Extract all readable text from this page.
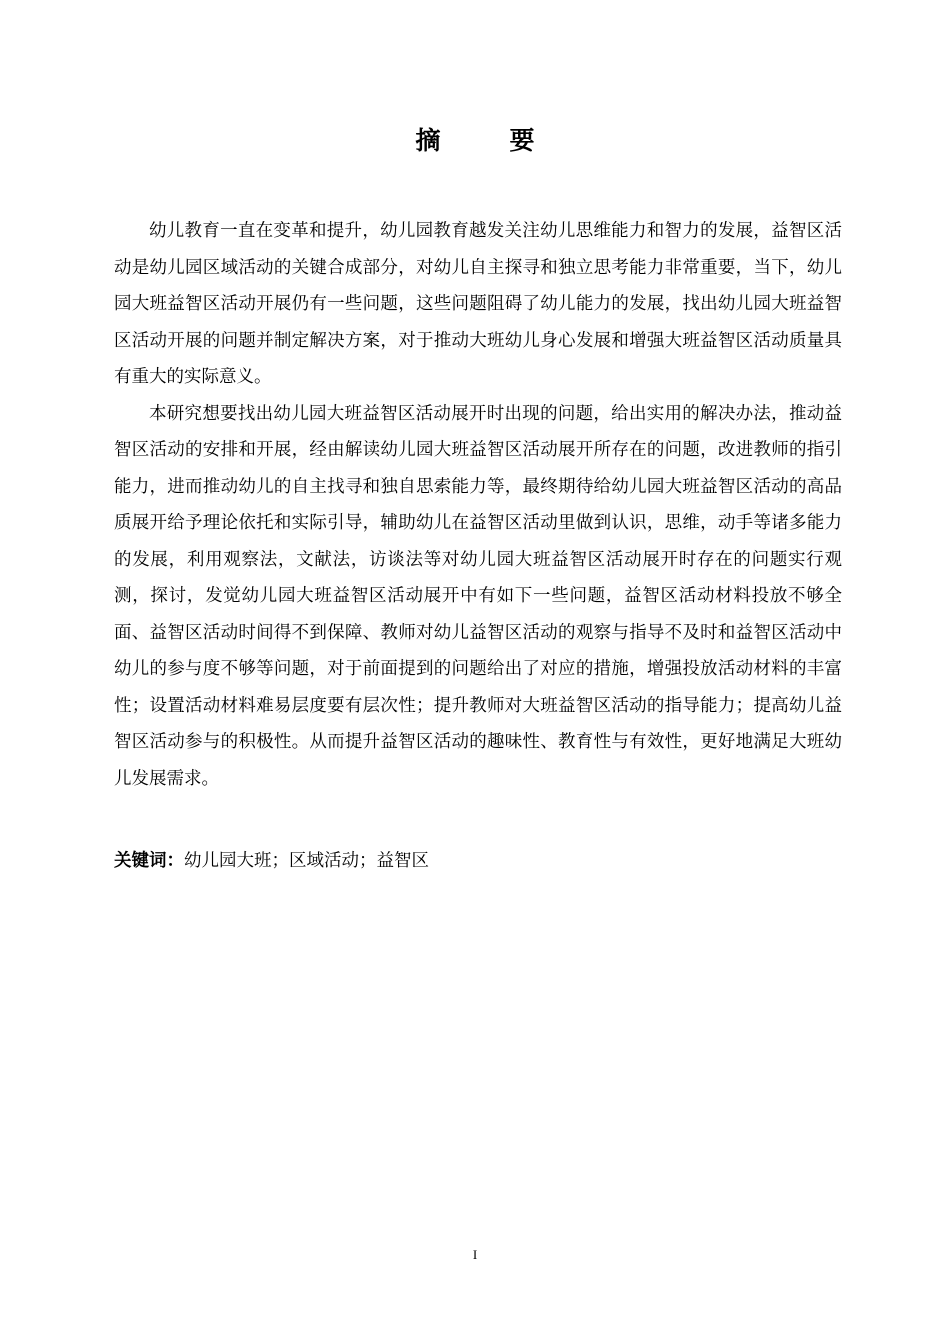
摘　要

幼儿教育一直在变革和提升，幼儿园教育越发关注幼儿思维能力和智力的发展，益智区活动是幼儿园区域活动的关键合成部分，对幼儿自主探寻和独立思考能力非常重要，当下，幼儿园大班益智区活动开展仍有一些问题，这些问题阻碍了幼儿能力的发展，找出幼儿园大班益智区活动开展的问题并制定解决方案，对于推动大班幼儿身心发展和增强大班益智区活动质量具有重大的实际意义。

本研究想要找出幼儿园大班益智区活动展开时出现的问题，给出实用的解决办法，推动益智区活动的安排和开展，经由解读幼儿园大班益智区活动展开所存在的问题，改进教师的指引能力，进而推动幼儿的自主找寻和独自思索能力等，最终期待给幼儿园大班益智区活动的高品质展开给予理论依托和实际引导，辅助幼儿在益智区活动里做到认识，思维，动手等诸多能力的发展，利用观察法，文献法，访谈法等对幼儿园大班益智区活动展开时存在的问题实行观测，探讨，发觉幼儿园大班益智区活动展开中有如下一些问题，益智区活动材料投放不够全面、益智区活动时间得不到保障、教师对幼儿益智区活动的观察与指导不及时和益智区活动中幼儿的参与度不够等问题，对于前面提到的问题给出了对应的措施，增强投放活动材料的丰富性；设置活动材料难易层度要有层次性；提升教师对大班益智区活动的指导能力；提高幼儿益智区活动参与的积极性。从而提升益智区活动的趣味性、教育性与有效性，更好地满足大班幼儿发展需求。

关键词：幼儿园大班；区域活动；益智区
I
